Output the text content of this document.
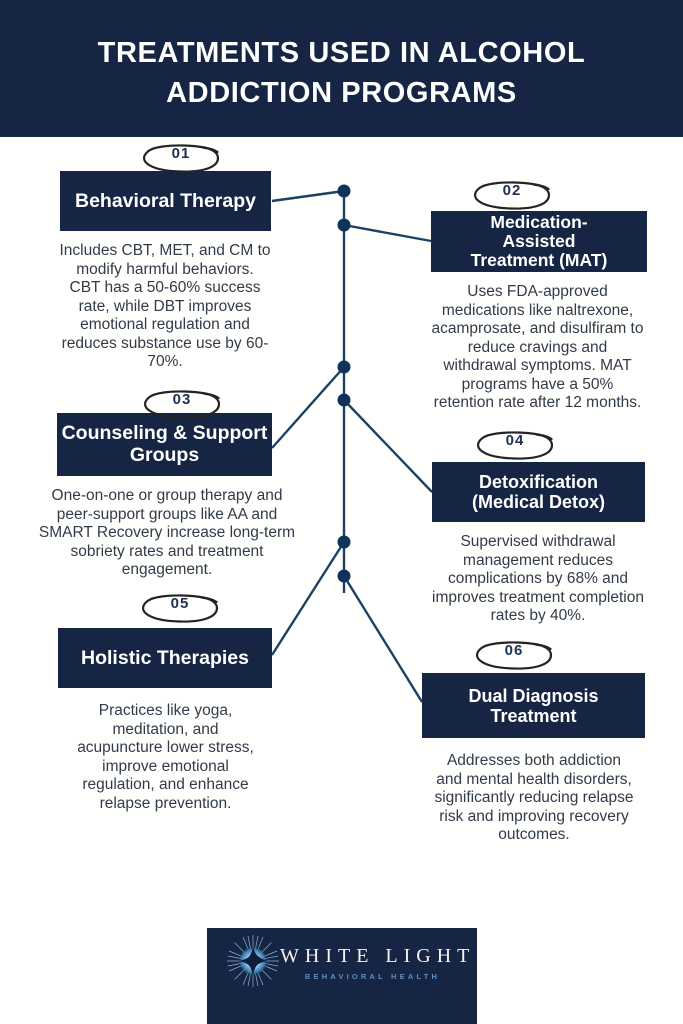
TREATMENTS USED IN ALCOHOL
ADDICTION PROGRAMS
01
Behavioral Therapy
Includes CBT, MET, and CM to modify harmful behaviors. CBT has a 50-60% success rate, while DBT improves emotional regulation and reduces substance use by 60-70%.
02
Medication-
Assisted
Treatment (MAT)
Uses FDA-approved medications like naltrexone, acamprosate, and disulfiram to reduce cravings and withdrawal symptoms. MAT programs have a 50% retention rate after 12 months.
03
Counseling & Support
Groups
One-on-one or group therapy and peer-support groups like AA and SMART Recovery increase long-term sobriety rates and treatment engagement.
04
Detoxification
(Medical Detox)
Supervised withdrawal management reduces complications by 68% and improves treatment completion rates by 40%.
05
Holistic Therapies
Practices like yoga, meditation, and acupuncture lower stress, improve emotional regulation, and enhance relapse prevention.
06
Dual Diagnosis
Treatment
Addresses both addiction and mental health disorders, significantly reducing relapse risk and improving recovery outcomes.
WHITE LIGHT
BEHAVIORAL HEALTH
